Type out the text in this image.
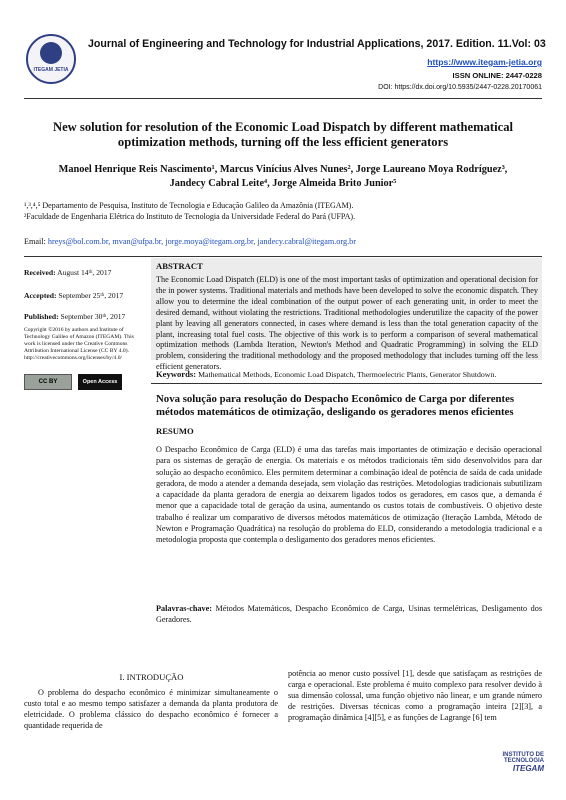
ITEGAM JETIA
Journal of Engineering and Technology for Industrial Applications, 2017. Edition. 11.Vol: 03
https://www.itegam-jetia.org
ISSN ONLINE: 2447-0228
DOI: https://dx.doi.org/10.5935/2447-0228.20170061
New solution for resolution of the Economic Load Dispatch by different mathematical optimization methods, turning off the less efficient generators
Manoel Henrique Reis Nascimento¹, Marcus Vinícius Alves Nunes², Jorge Laureano Moya Rodríguez³,
Jandecy Cabral Leite⁴, Jorge Almeida Brito Junior⁵
¹,³,⁴,⁵ Departamento de Pesquisa, Instituto de Tecnologia e Educação Galileo da Amazônia (ITEGAM).
²Faculdade de Engenharia Elétrica do Instituto de Tecnologia da Universidade Federal do Pará (UFPA).
Email: hreys@bol.com.br, mvan@ufpa.br, jorge.moya@itegam.org.br, jandecy.cabral@itegam.org.br
Received: August 14ᵗʰ, 2017
Accepted: September 25ᵗʰ, 2017
Published: September 30ᵗʰ, 2017
Copyright ©2016 by authors and Institute of Technology Galileo of Amazon (ITEGAM). This work is licensed under the Creative Commons Attribution International License (CC BY 4.0). http://creativecommons.org/licenses/by/4.0/
CC BY	Open Access
ABSTRACT
The Economic Load Dispatch (ELD) is one of the most important tasks of optimization and operational decision for the in power systems. Traditional materials and methods have been developed to solve the economic dispatch. They allow you to determine the ideal combination of the output power of each generating unit, in order to meet the desired demand, without violating the restrictions. Traditional methodologies underutilize the capacity of the power plant by leaving all generators connected, in cases where demand is less than the total generation capacity of the plant, increasing total fuel costs. The objective of this work is to perform a comparison of several mathematical optimization methods (Lambda Iteration, Newton's Method and Quadratic Programming) in solving the ELD problem, considering the traditional methodology and the proposed methodology that includes turning off the less efficient generators.
Keywords: Mathematical Methods, Economic Load Dispatch, Thermoelectric Plants, Generator Shutdown.
Nova solução para resolução do Despacho Econômico de Carga por diferentes métodos matemáticos de otimização, desligando os geradores menos eficientes
RESUMO
O Despacho Econômico de Carga (ELD) é uma das tarefas mais importantes de otimização e decisão operacional para os sistemas de geração de energia. Os materiais e os métodos tradicionais têm sido desenvolvidos para dar solução ao despacho econômico. Eles permitem determinar a combinação ideal de potência de saída de cada unidade geradora, de modo a atender a demanda desejada, sem violação das restrições. Metodologias tradicionais subutilizam a capacidade da planta geradora de energia ao deixarem ligados todos os geradores, em casos que, a demanda é menor que a capacidade total de geração da usina, aumentando os custos totais de combustíveis. O objetivo deste trabalho é realizar um comparativo de diversos métodos matemáticos de otimização (Iteração Lambda, Método de Newton e Programação Quadrática) na resolução do problema do ELD, considerando a metodologia tradicional e a metodologia proposta que contempla o desligamento dos geradores menos eficientes.
Palavras-chave: Métodos Matemáticos, Despacho Econômico de Carga, Usinas termelétricas, Desligamento dos Geradores.
I. INTRODUÇÃO
O problema do despacho econômico é minimizar simultaneamente o custo total e ao mesmo tempo satisfazer a demanda da planta produtora de eletricidade. O problema clássico do despacho econômico é fornecer a quantidade requerida de
potência ao menor custo possível [1], desde que satisfaçam as restrições de carga e operacional. Este problema é muito complexo para resolver devido à sua dimensão colossal, uma função objetivo não linear, e um grande número de restrições. Diversas técnicas como a programação inteira [2][3], a programação dinâmica [4][5], e as funções de Lagrange [6] tem
INSTITUTO DE TECNOLOGIA
ITEGAM
